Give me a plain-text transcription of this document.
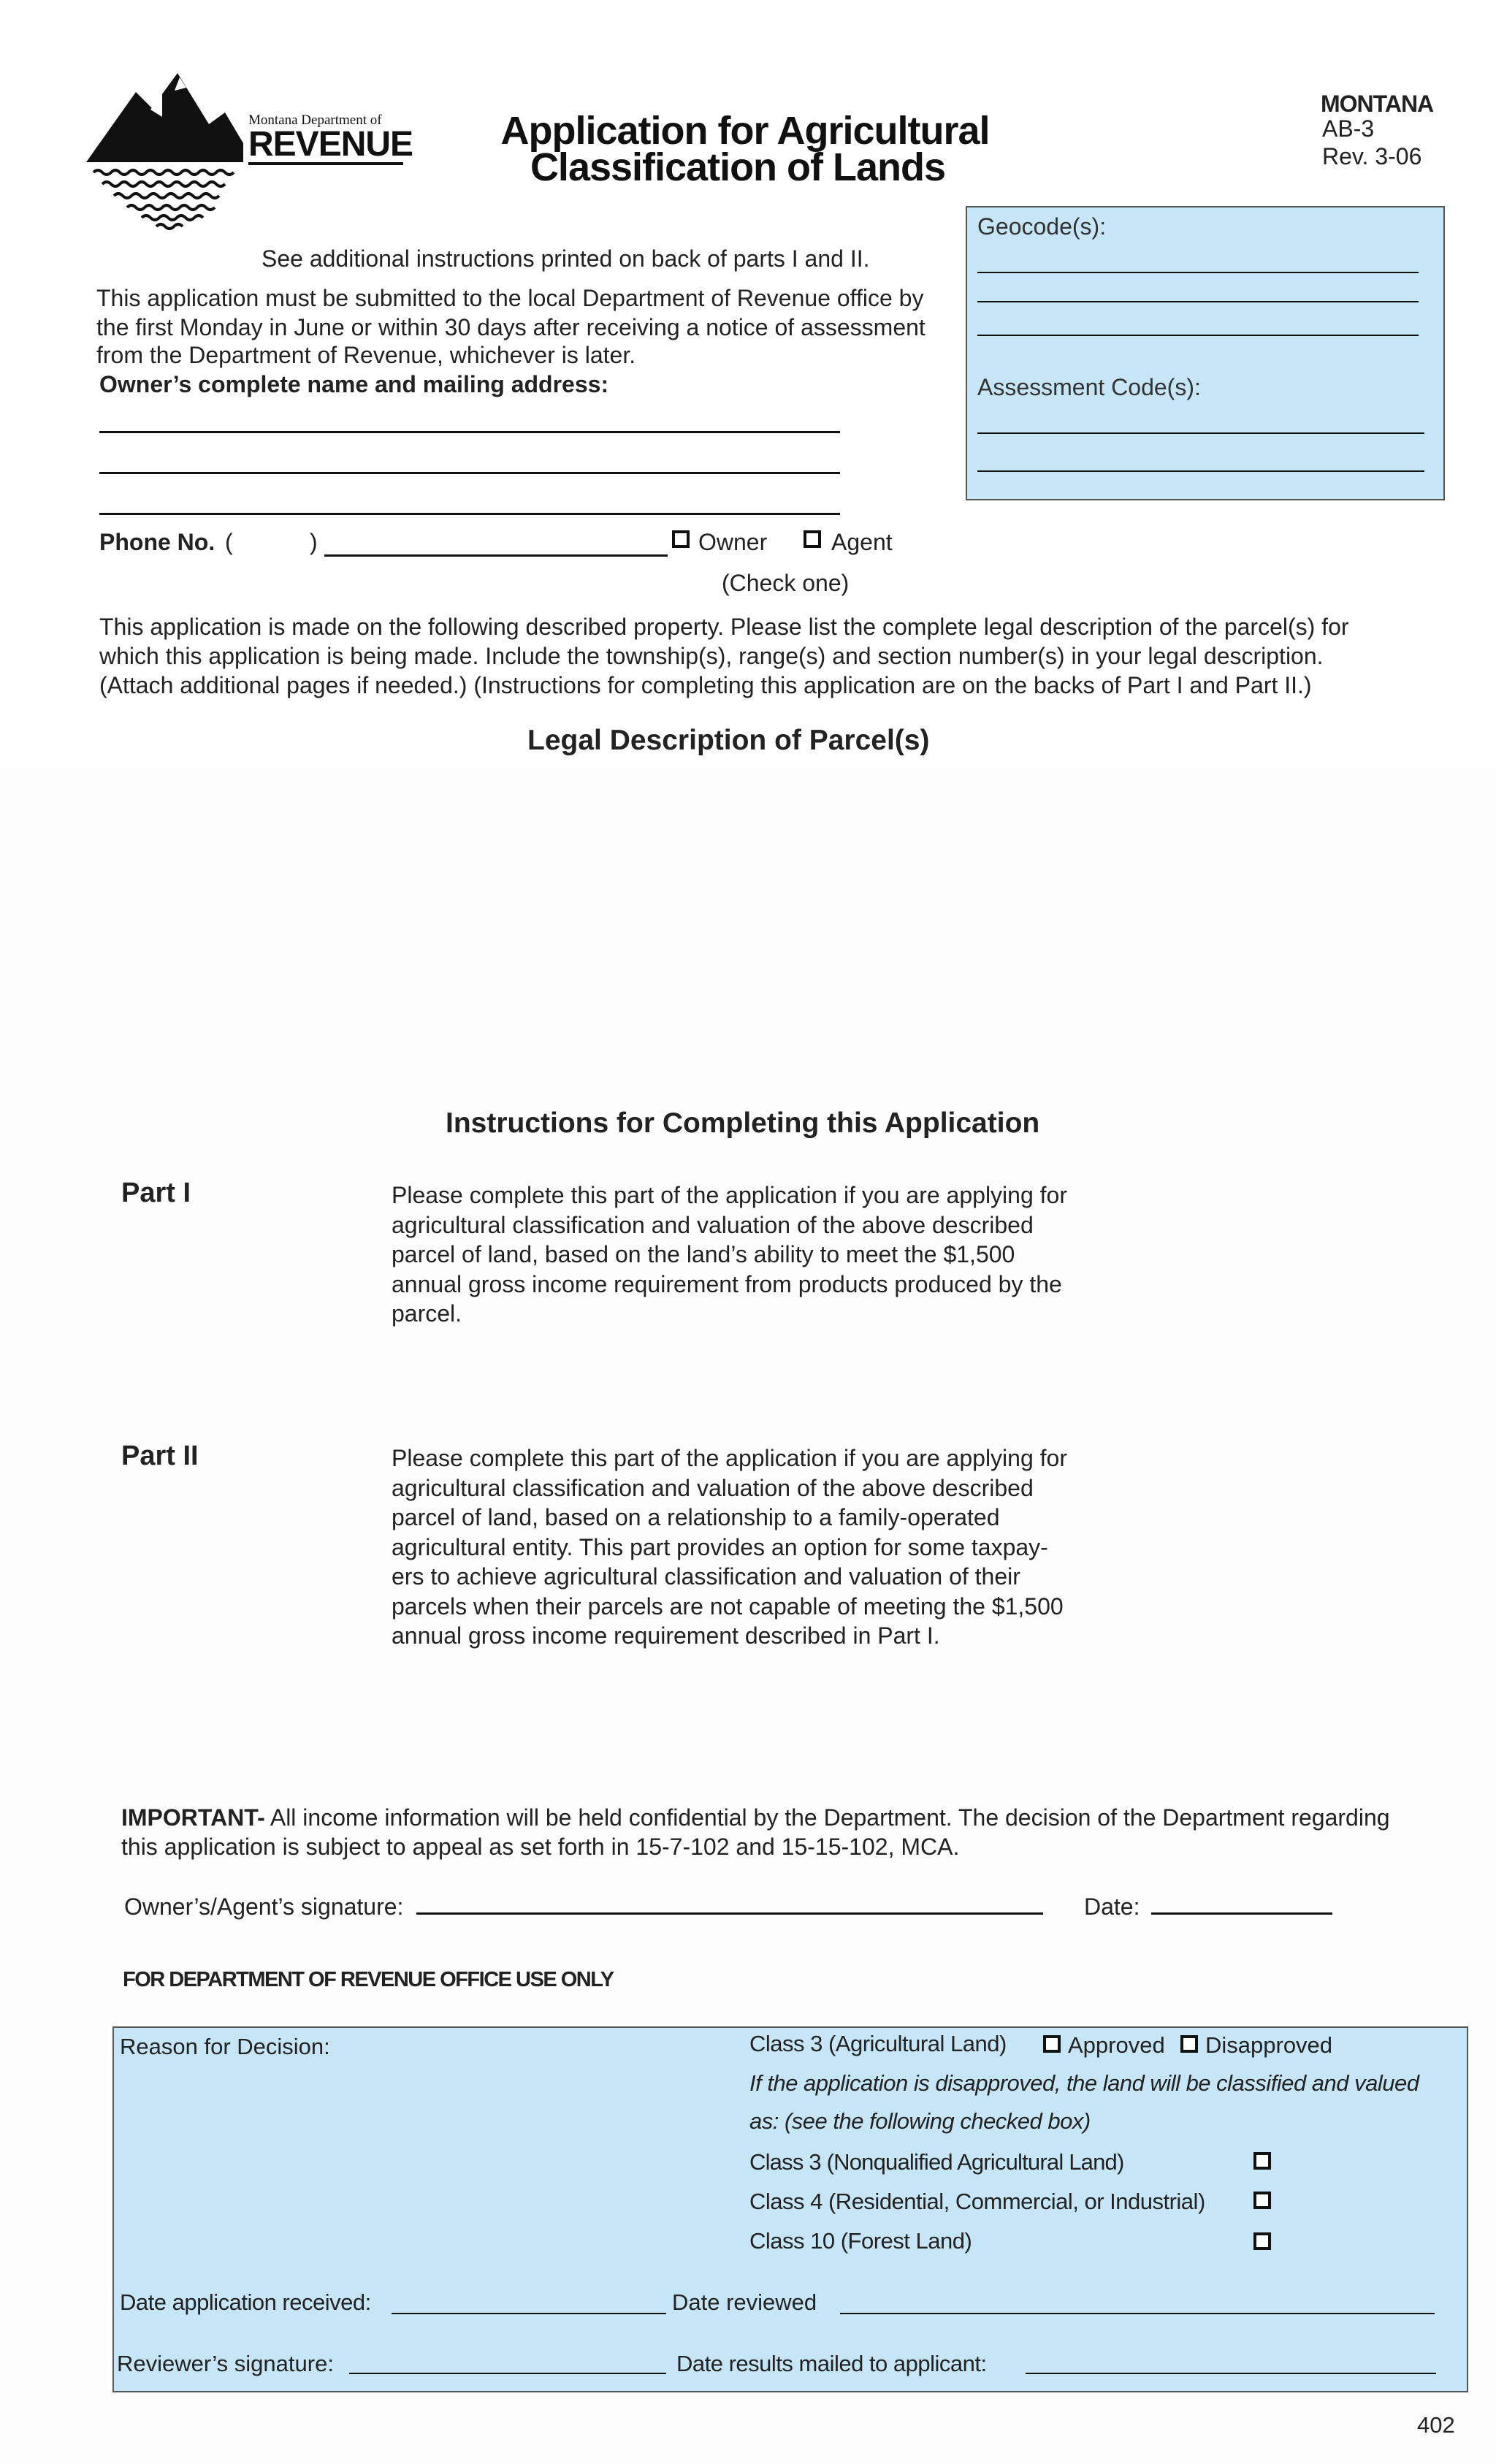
Montana Department of
REVENUE	Application for Agricultural
Classification of Lands
MONTANA
AB-3
Rev. 3-06
Geocode(s):
Assessment Code(s):
See additional instructions printed on back of parts I and II.
This application must be submitted to the local Department of Revenue office by
the first Monday in June or within 30 days after receiving a notice of assessment
from the Department of Revenue, whichever is later.
Owner’s complete name and mailing address:
Phone No. (	)	Owner	Agent
(Check one)
This application is made on the following described property. Please list the complete legal description of the parcel(s) for
which this application is being made. Include the township(s), range(s) and section number(s) in your legal description.
(Attach additional pages if needed.) (Instructions for completing this application are on the backs of Part I and Part II.)
Legal Description of Parcel(s)
Instructions for Completing this Application
Part I	Please complete this part of the application if you are applying for
agricultural classification and valuation of the above described
parcel of land, based on the land’s ability to meet the $1,500
annual gross income requirement from products produced by the
parcel.
Part II	Please complete this part of the application if you are applying for
agricultural classification and valuation of the above described
parcel of land, based on a relationship to a family-operated
agricultural entity. This part provides an option for some taxpay-
ers to achieve agricultural classification and valuation of their
parcels when their parcels are not capable of meeting the $1,500
annual gross income requirement described in Part I.
IMPORTANT- All income information will be held confidential by the Department. The decision of the Department regarding
this application is subject to appeal as set forth in 15-7-102 and 15-15-102, MCA.
Owner’s/Agent’s signature:	Date:
FOR DEPARTMENT OF REVENUE OFFICE USE ONLY
Reason for Decision:	Class 3 (Agricultural Land)	Approved Disapproved
If the application is disapproved, the land will be classified and valued
as: (see the following checked box)
Class 3 (Nonqualified Agricultural Land)
Class 4 (Residential, Commercial, or Industrial)
Class 10 (Forest Land)
Date application received:	Date reviewed
Reviewer’s signature:	Date results mailed to applicant:
402
